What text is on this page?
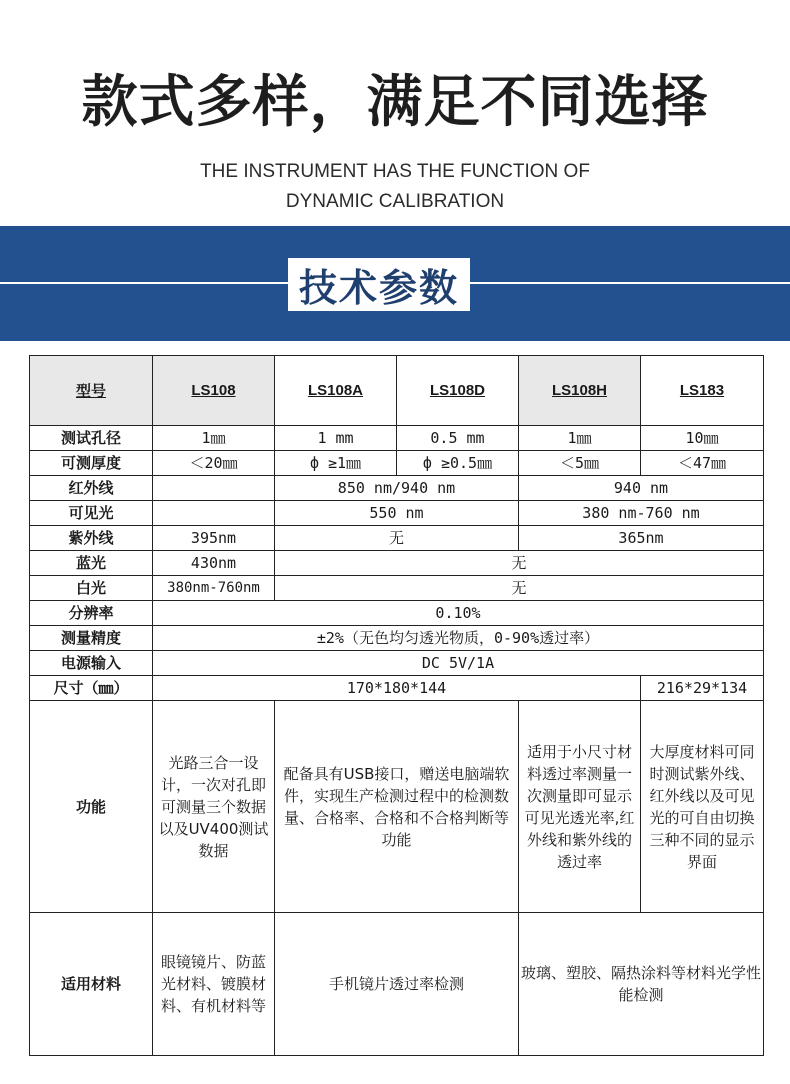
款式多样，满足不同选择
THE INSTRUMENT HAS THE FUNCTION OF
DYNAMIC CALIBRATION
技术参数
型号	LS108	LS108A	LS108D	LS108H	LS183
测试孔径	1㎜	1 mm	0.5 mm	1㎜	10㎜
可测厚度	＜20㎜	ф ≥1㎜	ф ≥0.5㎜	＜5㎜	＜47㎜
红外线		850 nm/940 nm		940 nm	
可见光		550 nm		380 nm-760 nm	
紫外线	395nm	无		365nm	
蓝光	430nm	无			
白光	380nm-760nm	无			
分辨率	0.10%				
测量精度	±2%（无色均匀透光物质，0-90%透过率）				
电源输入	DC 5V/1A				
尺寸（㎜）	170*180*144				216*29*134
功能	光路三合一设计，一次对孔即可测量三个数据以及UV400测试数据	配备具有USB接口，赠送电脑端软件，实现生产检测过程中的检测数量、合格率、合格和不合格判断等功能		适用于小尺寸材料透过率测量一次测量即可显示可见光透光率,红外线和紫外线的透过率	大厚度材料可同时测试紫外线、红外线以及可见光的可自由切换三种不同的显示界面
适用材料	眼镜镜片、防蓝光材料、镀膜材料、有机材料等	手机镜片透过率检测		玻璃、塑胶、隔热涂料等材料光学性能检测	
